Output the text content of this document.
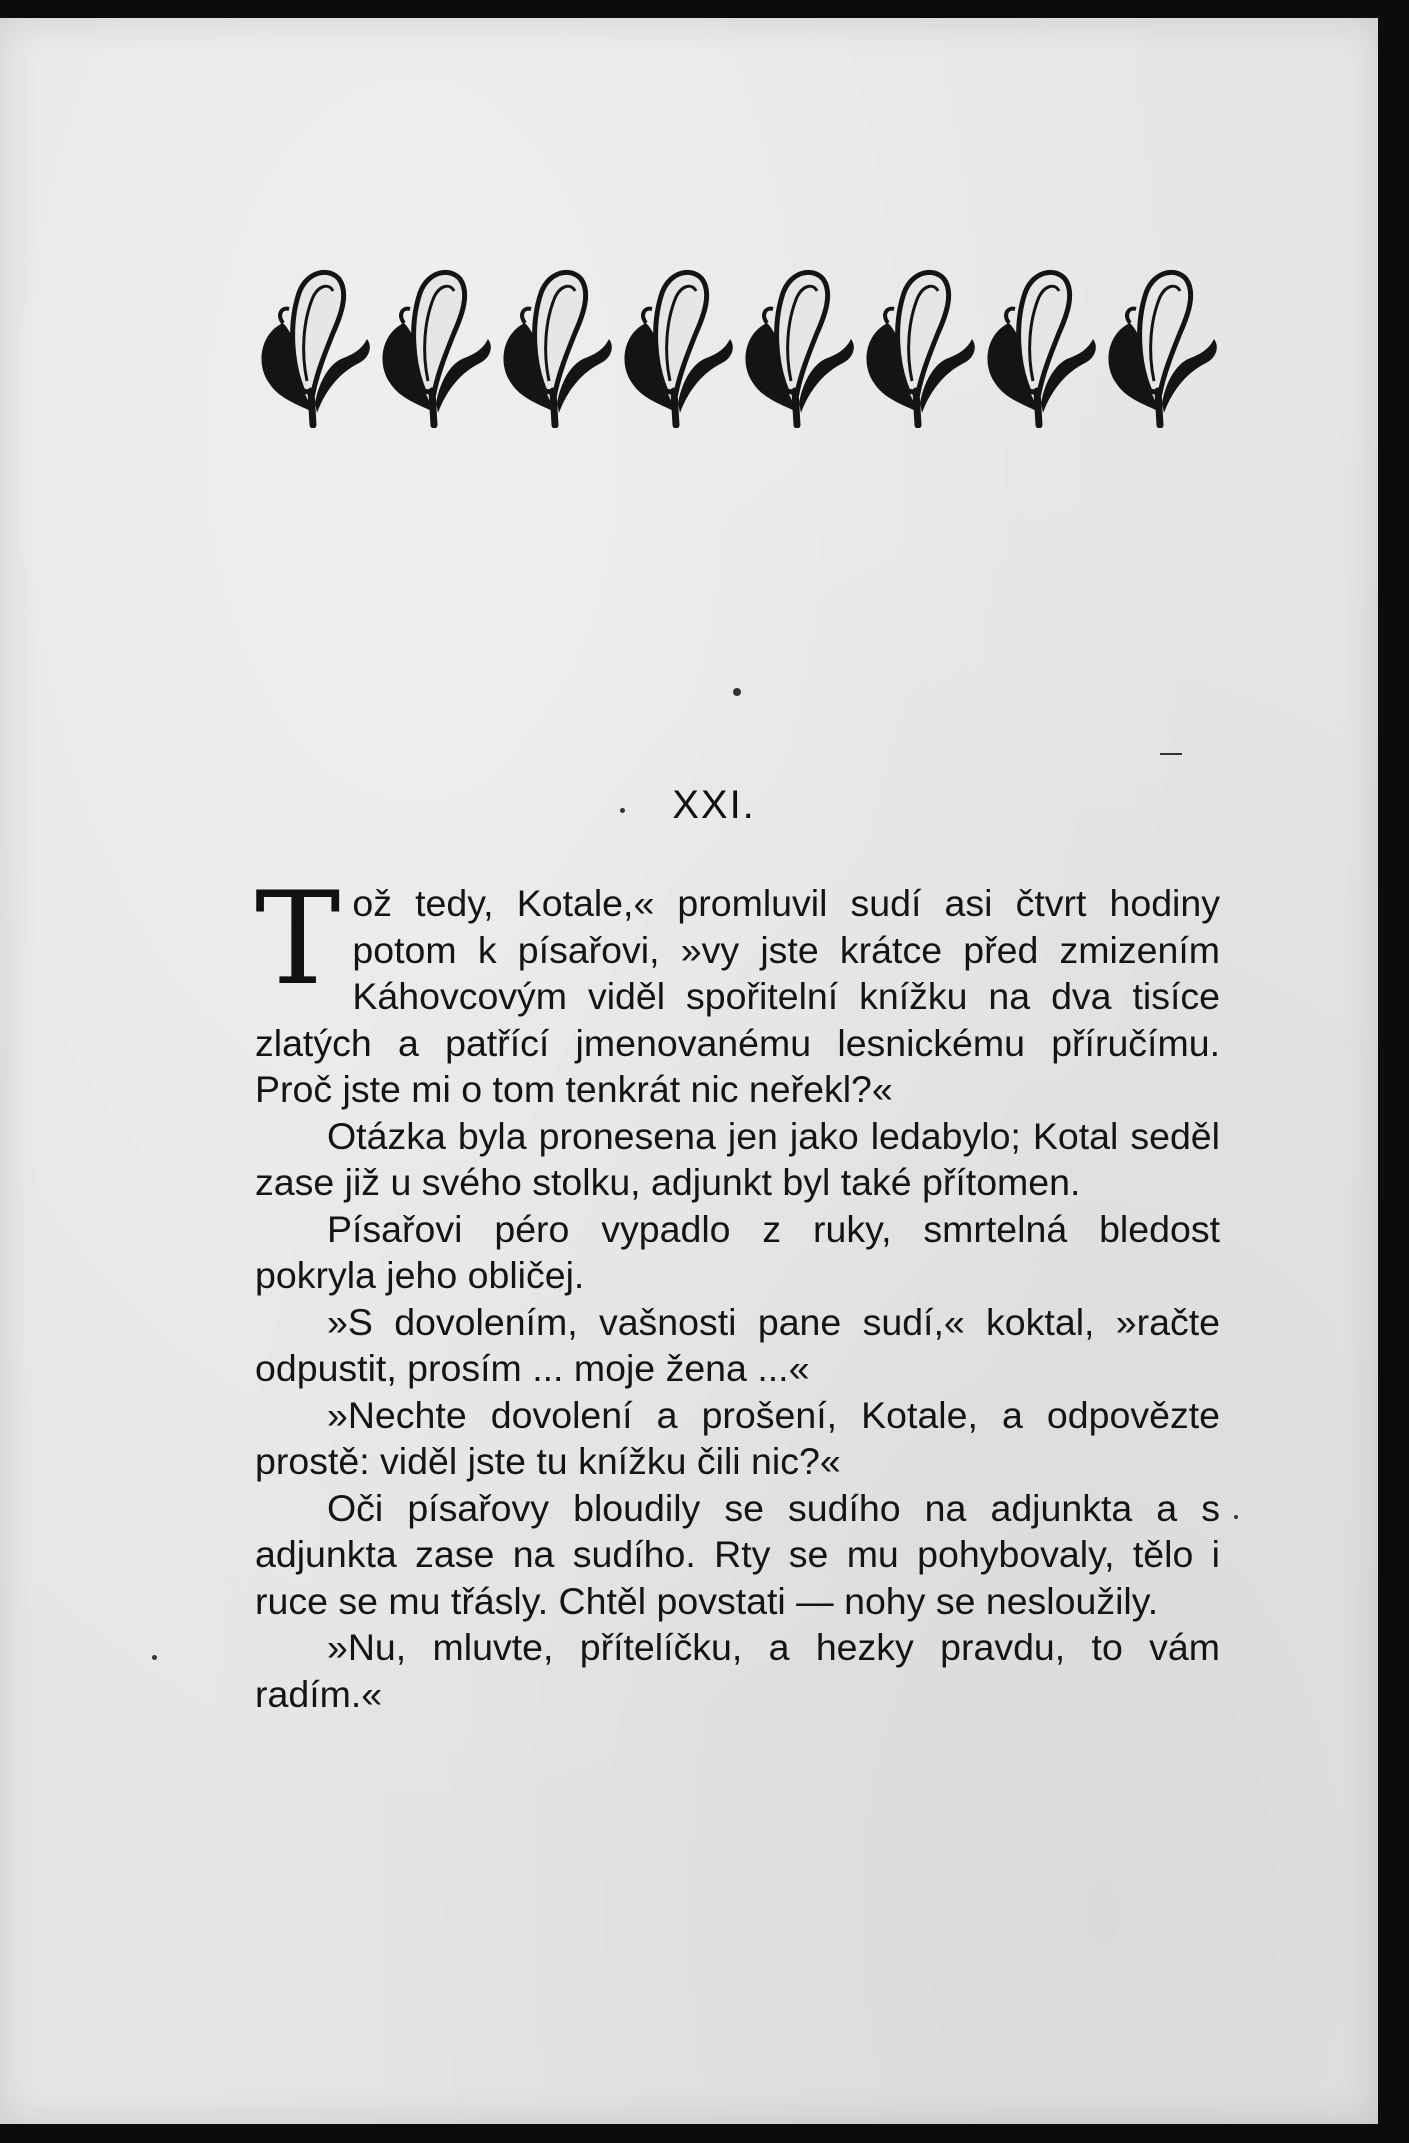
XXI.

Tož tedy, Kotale,« promluvil sudí asi čtvrt hodiny potom k písařovi, »vy jste krátce před zmizením Káhovcovým viděl spořitelní knížku na dva tisíce zlatých a patřící jmenovanému lesnickému příručímu. Proč jste mi o tom tenkrát nic neřekl?«

Otázka byla pronesena jen jako ledabylo; Kotal seděl zase již u svého stolku, adjunkt byl také přítomen.

Písařovi péro vypadlo z ruky, smrtelná bledost pokryla jeho obličej.

»S dovolením, vašnosti pane sudí,« koktal, »račte odpustit, prosím ... moje žena ...«

»Nechte dovolení a prošení, Kotale, a odpovězte prostě: viděl jste tu knížku čili nic?«

Oči písařovy bloudily se sudího na adjunkta a s adjunkta zase na sudího. Rty se mu pohybovaly, tělo i ruce se mu třásly. Chtěl povstati — nohy se nesloužily.

»Nu, mluvte, přítelíčku, a hezky pravdu, to vám radím.«
